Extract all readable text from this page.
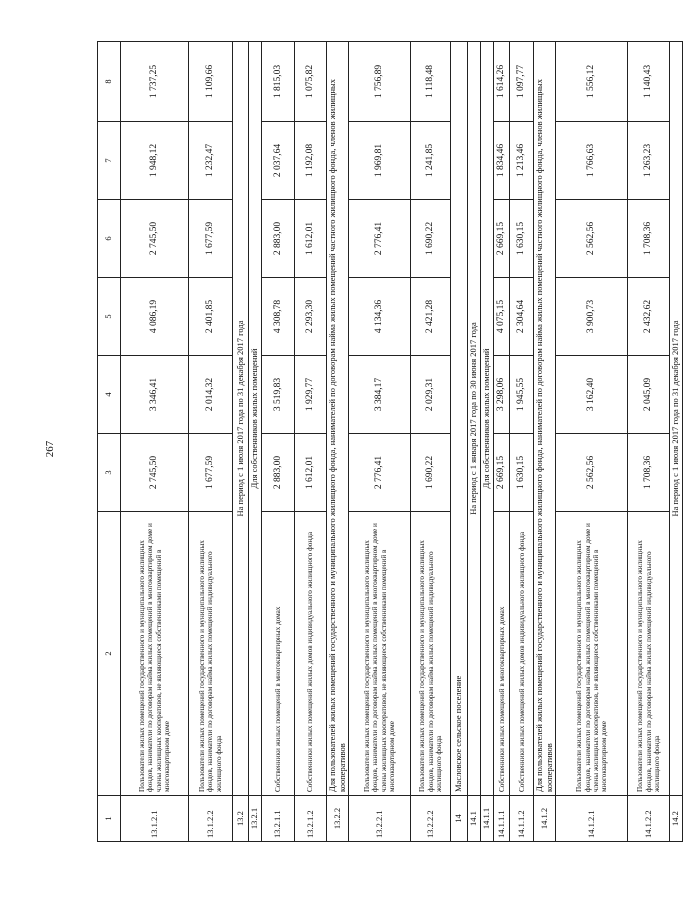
267
1	2	3	4	5	6	7	8
13.1.2.1	Пользователи жилых помещений государственного и муниципального жилищных фондов, наниматели по договорам найма жилых помещений в многоквартирном доме и члены жилищных кооперативов, не являющиеся собственниками помещений в многоквартирном доме	2 745,50	3 346,41	4 086,19	2 745,50	1 948,12	1 737,25
13.1.2.2	Пользователи жилых помещений государственного и муниципального жилищных фондов, наниматели по договорам найма жилых помещений индивидуального жилищного фонда	1 677,59	2 014,32	2 401,85	1 677,59	1 232,47	1 109,66
13.2	На период с 1 июля 2017 года по 31 декабря 2017 года						
13.2.1	Для собственников жилых помещений						
13.2.1.1	Собственники жилых помещений в многоквартирных домах	2 883,00	3 519,83	4 308,78	2 883,00	2 037,64	1 815,03
13.2.1.2	Собственники жилых помещений жилых домов индивидуального жилищного фонда	1 612,01	1 929,77	2 293,30	1 612,01	1 192,08	1 075,82
13.2.2	Для пользователей жилых помещений государственного и муниципального жилищного фонда, нанимателей по договорам найма жилых помещений частного жилищного фонда, членов жилищных кооперативов						
13.2.2.1	Пользователи жилых помещений государственного и муниципального жилищных фондов, наниматели по договорам найма жилых помещений в многоквартирном доме и члены жилищных кооперативов, не являющиеся собственниками помещений в многоквартирном доме	2 776,41	3 384,17	4 134,36	2 776,41	1 969,81	1 756,89
13.2.2.2	Пользователи жилых помещений государственного и муниципального жилищных фондов, наниматели по договорам найма жилых помещений индивидуального жилищного фонда	1 690,22	2 029,31	2 421,28	1 690,22	1 241,85	1 118,48
14	Масловское сельское поселение						
14.1	На период с 1 января 2017 года по 30 июня 2017 года						
14.1.1	Для собственников жилых помещений						
14.1.1.1	Собственники жилых помещений в многоквартирных домах	2 669,15	3 298,06	4 075,15	2 669,15	1 834,46	1 614,26
14.1.1.2	Собственники жилых помещений жилых домов индивидуального жилищного фонда	1 630,15	1 945,55	2 304,64	1 630,15	1 213,46	1 097,77
14.1.2	Для пользователей жилых помещений государственного и муниципального жилищного фонда, нанимателей по договорам найма жилых помещений частного жилищного фонда, членов жилищных кооперативов						
14.1.2.1	Пользователи жилых помещений государственного и муниципального жилищных фондов, наниматели по договорам найма жилых помещений в многоквартирном доме и члены жилищных кооперативов, не являющиеся собственниками помещений в многоквартирном доме	2 562,56	3 162,40	3 900,73	2 562,56	1 766,63	1 556,12
14.1.2.2	Пользователи жилых помещений государственного и муниципального жилищных фондов, наниматели по договорам найма жилых помещений индивидуального жилищного фонда	1 708,36	2 045,09	2 432,62	1 708,36	1 263,23	1 140,43
14.2	На период с 1 июля 2017 года по 31 декабря 2017 года						
